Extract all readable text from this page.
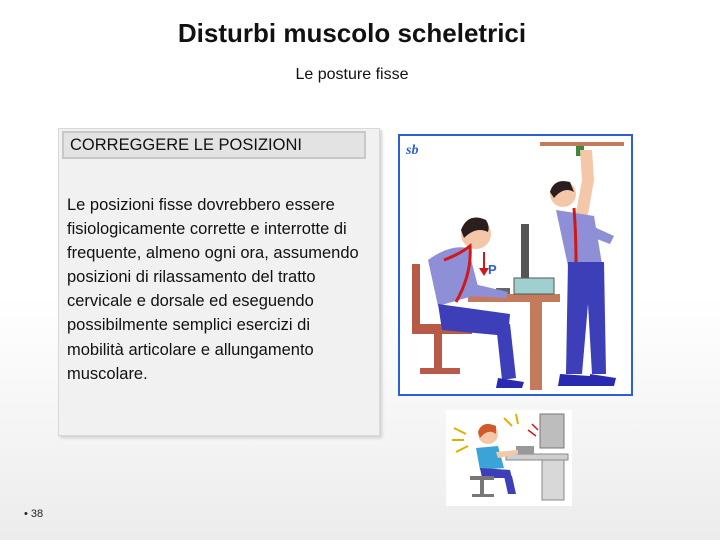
Disturbi muscolo scheletrici
Le posture fisse
CORREGGERE LE POSIZIONI
Le posizioni fisse dovrebbero essere fisiologicamente corrette e interrotte di frequente, almeno ogni ora, assumendo posizioni di rilassamento del tratto cervicale e dorsale ed eseguendo possibilmente semplici esercizi di mobilità articolare e allungamento muscolare.
sb
P
• 38
